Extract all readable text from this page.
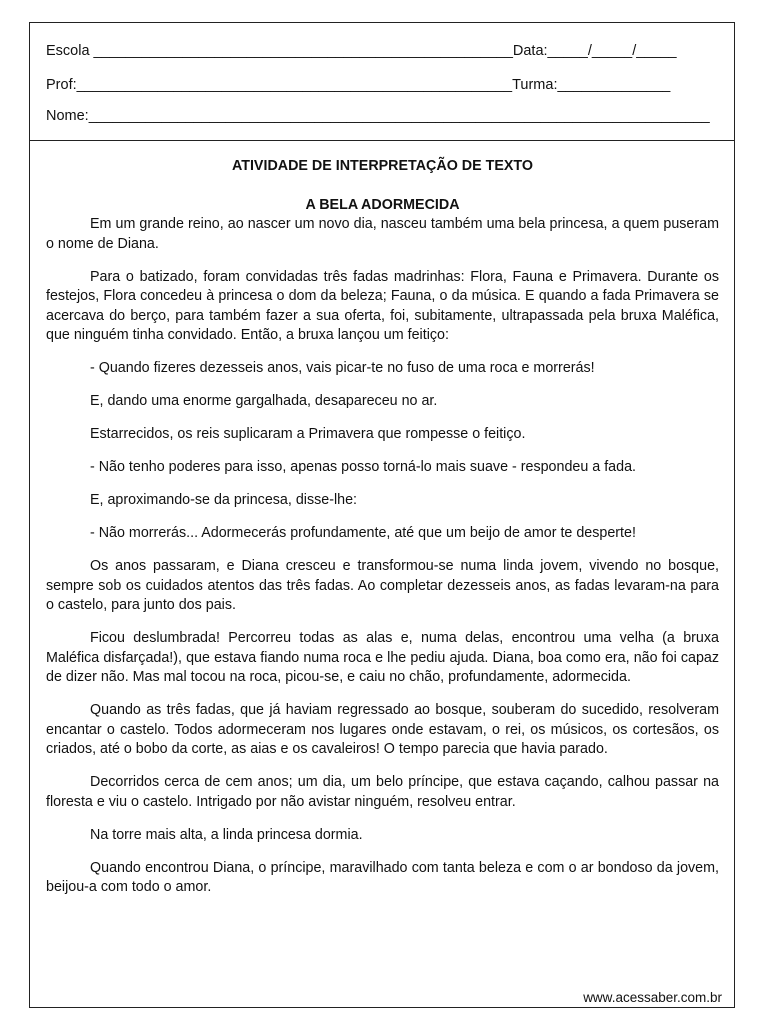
Escola ____________________________________________________Data:_____/_____/_____
Prof:______________________________________________________Turma:______________
Nome:_____________________________________________________________________________
ATIVIDADE DE INTERPRETAÇÃO DE TEXTO
A BELA ADORMECIDA

Em um grande reino, ao nascer um novo dia, nasceu também uma bela princesa, a quem puseram o nome de Diana.

Para o batizado, foram convidadas três fadas madrinhas: Flora, Fauna e Primavera. Durante os festejos, Flora concedeu à princesa o dom da beleza; Fauna, o da música. E quando a fada Primavera se acercava do berço, para também fazer a sua oferta, foi, subitamente, ultrapassada pela bruxa Maléfica, que ninguém tinha convidado. Então, a bruxa lançou um feitiço:

- Quando fizeres dezesseis anos, vais picar-te no fuso de uma roca e morrerás!

E, dando uma enorme gargalhada, desapareceu no ar.

Estarrecidos, os reis suplicaram a Primavera que rompesse o feitiço.

- Não tenho poderes para isso, apenas posso torná-lo mais suave - respondeu a fada.

E, aproximando-se da princesa, disse-lhe:

- Não morrerás... Adormecerás profundamente, até que um beijo de amor te desperte!

Os anos passaram, e Diana cresceu e transformou-se numa linda jovem, vivendo no bosque, sempre sob os cuidados atentos das três fadas. Ao completar dezesseis anos, as fadas levaram-na para o castelo, para junto dos pais.

Ficou deslumbrada! Percorreu todas as alas e, numa delas, encontrou uma velha (a bruxa Maléfica disfarçada!), que estava fiando numa roca e lhe pediu ajuda. Diana, boa como era, não foi capaz de dizer não. Mas mal tocou na roca, picou-se, e caiu no chão, profundamente, adormecida.

Quando as três fadas, que já haviam regressado ao bosque, souberam do sucedido, resolveram encantar o castelo. Todos adormeceram nos lugares onde estavam, o rei, os músicos, os cortesãos, os criados, até o bobo da corte, as aias e os cavaleiros! O tempo parecia que havia parado.

Decorridos cerca de cem anos; um dia, um belo príncipe, que estava caçando, calhou passar na floresta e viu o castelo. Intrigado por não avistar ninguém, resolveu entrar.

Na torre mais alta, a linda princesa dormia.

Quando encontrou Diana, o príncipe, maravilhado com tanta beleza e com o ar bondoso da jovem, beijou-a com todo o amor.

www.acessaber.com.br
